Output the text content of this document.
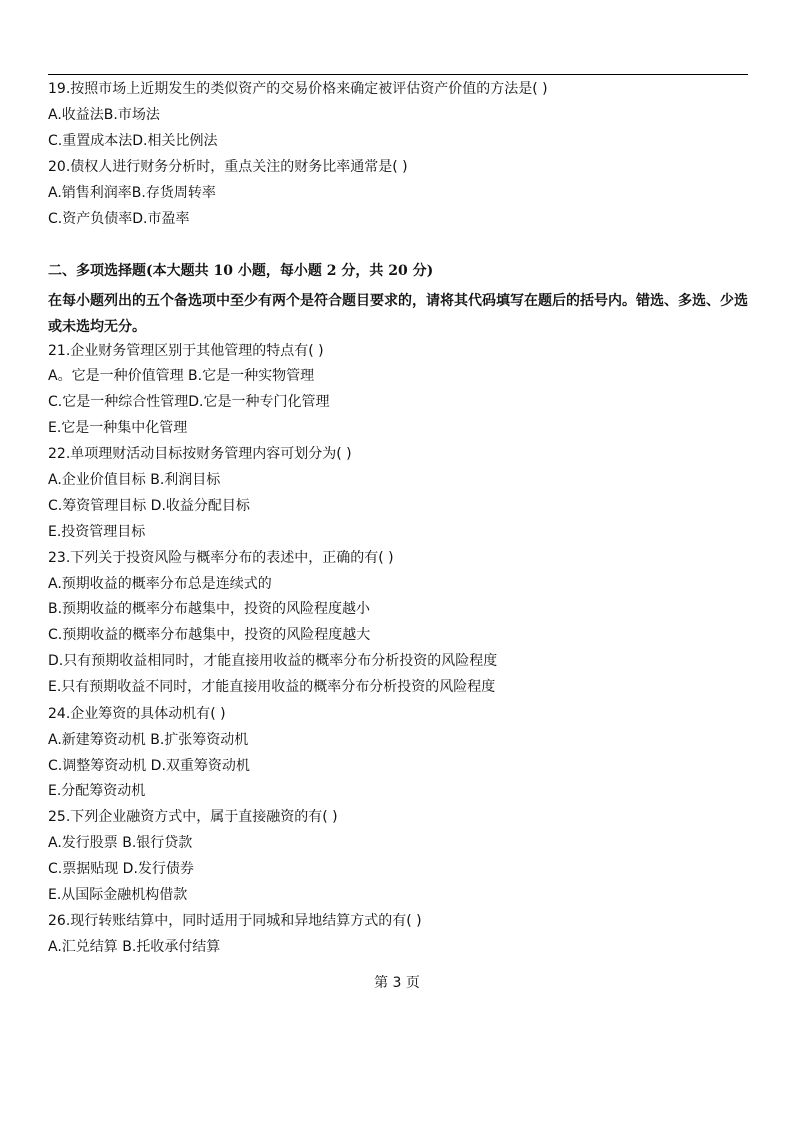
19.按照市场上近期发生的类似资产的交易价格来确定被评估资产价值的方法是( )
A.收益法B.市场法
C.重置成本法D.相关比例法
20.债权人进行财务分析时，重点关注的财务比率通常是( )
A.销售利润率B.存货周转率
C.资产负债率D.市盈率
二、多项选择题(本大题共 10 小题，每小题 2 分，共 20 分)
在每小题列出的五个备选项中至少有两个是符合题目要求的，请将其代码填写在题后的括号内。错选、多选、少选或未选均无分。
21.企业财务管理区别于其他管理的特点有( )
A。它是一种价值管理 B.它是一种实物管理
C.它是一种综合性管理D.它是一种专门化管理
E.它是一种集中化管理
22.单项理财活动目标按财务管理内容可划分为( )
A.企业价值目标 B.利润目标
C.筹资管理目标 D.收益分配目标
E.投资管理目标
23.下列关于投资风险与概率分布的表述中，正确的有( )
A.预期收益的概率分布总是连续式的
B.预期收益的概率分布越集中，投资的风险程度越小
C.预期收益的概率分布越集中，投资的风险程度越大
D.只有预期收益相同时，才能直接用收益的概率分布分析投资的风险程度
E.只有预期收益不同时，才能直接用收益的概率分布分析投资的风险程度
24.企业筹资的具体动机有( )
A.新建筹资动机 B.扩张筹资动机
C.调整筹资动机 D.双重筹资动机
E.分配筹资动机
25.下列企业融资方式中，属于直接融资的有( )
A.发行股票 B.银行贷款
C.票据贴现 D.发行债券
E.从国际金融机构借款
26.现行转账结算中，同时适用于同城和异地结算方式的有( )
A.汇兑结算 B.托收承付结算
第 3 页
